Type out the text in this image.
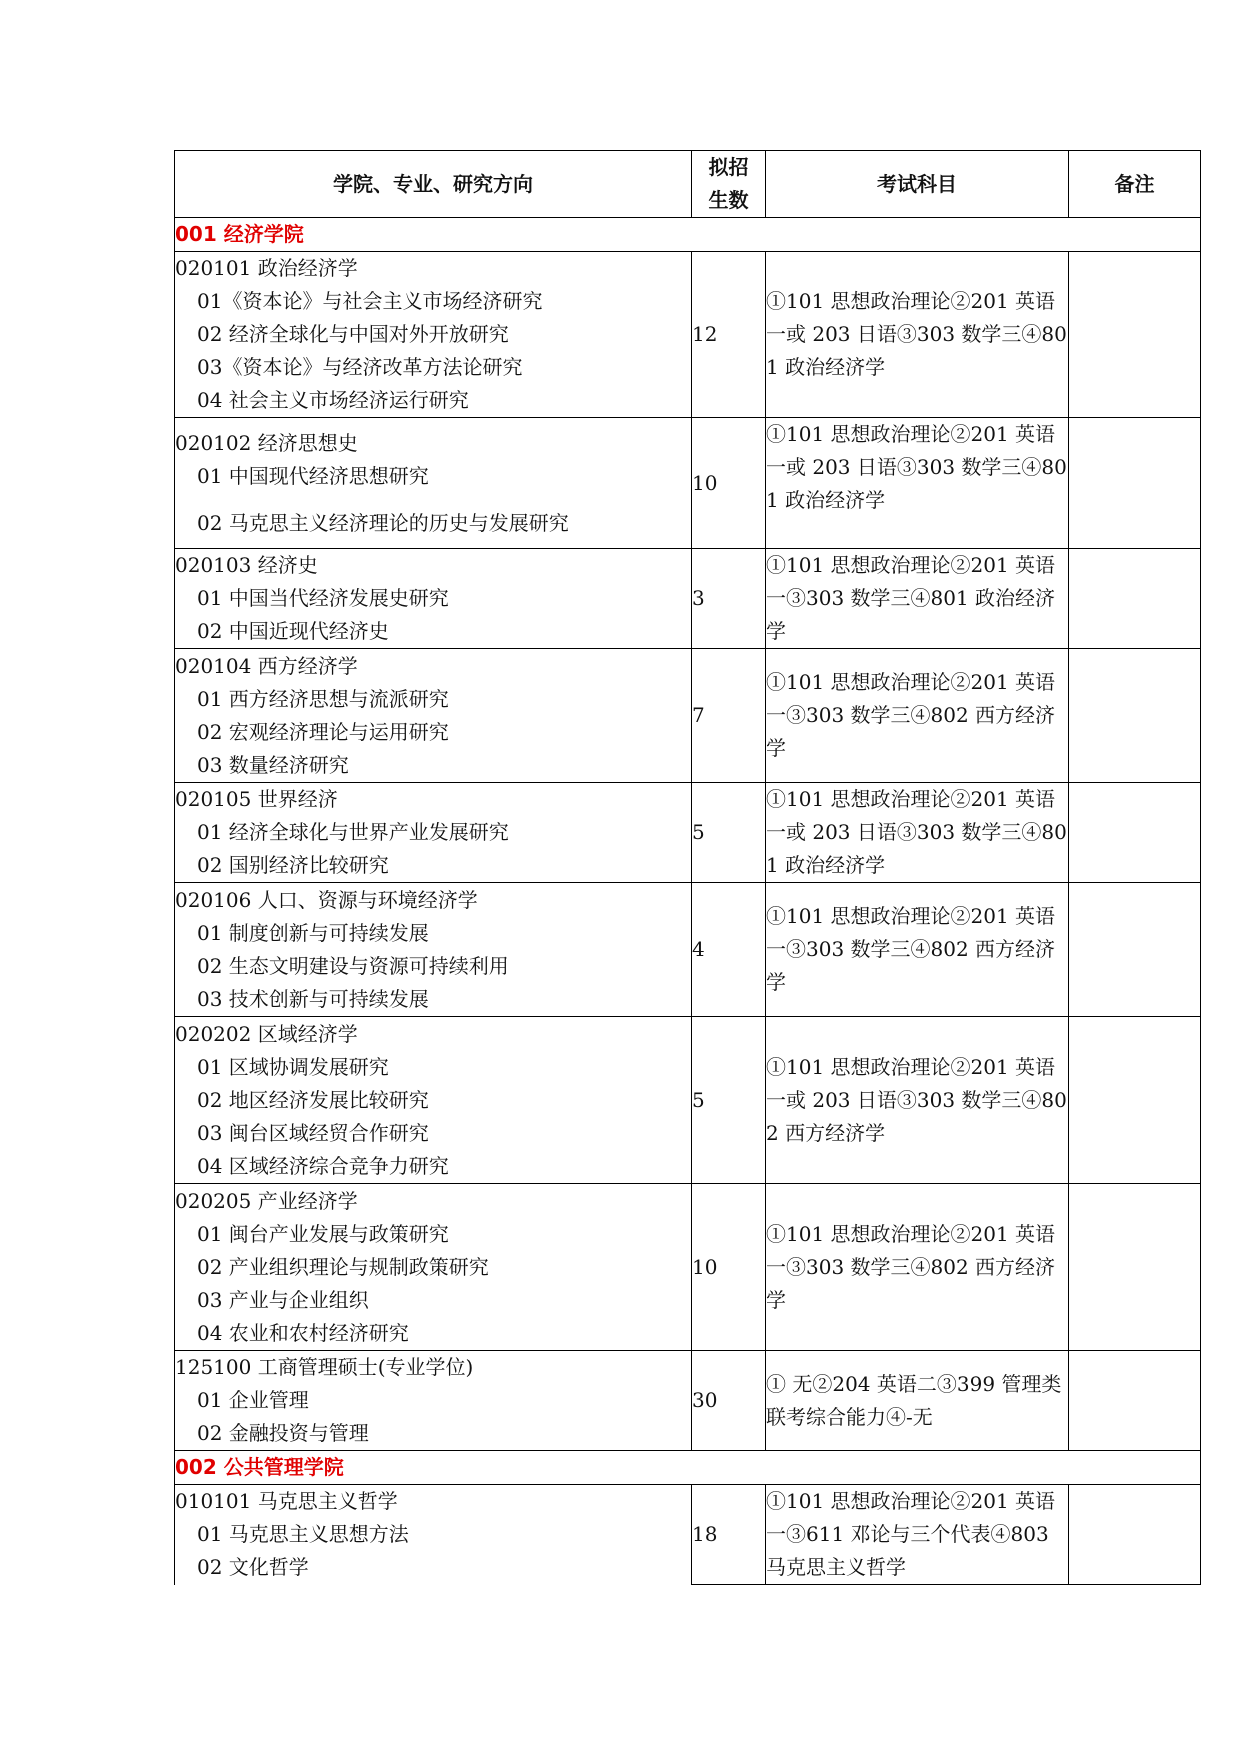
学院、专业、研究方向	拟招
生数	考试科目	备注
001 经济学院			

020101 政治经济学
01《资本论》与社会主义市场经济研究
02 经济全球化与中国对外开放研究
03《资本论》与经济改革方法论研究
04 社会主义市场经济运行研究	12	①101 思想政治理论②201 英语一或 203 日语③303 数学三④801 政治经济学	

020102 经济思想史
01 中国现代经济思想研究
02 马克思主义经济理论的历史与发展研究	10	①101 思想政治理论②201 英语一或 203 日语③303 数学三④801 政治经济学	

020103 经济史
01 中国当代经济发展史研究
02 中国近现代经济史	3	①101 思想政治理论②201 英语一③303 数学三④801 政治经济学	

020104 西方经济学
01 西方经济思想与流派研究
02 宏观经济理论与运用研究
03 数量经济研究	7	①101 思想政治理论②201 英语一③303 数学三④802 西方经济学	

020105 世界经济
01 经济全球化与世界产业发展研究
02 国别经济比较研究	5	①101 思想政治理论②201 英语一或 203 日语③303 数学三④801 政治经济学	

020106 人口、资源与环境经济学
01 制度创新与可持续发展
02 生态文明建设与资源可持续利用
03 技术创新与可持续发展	4	①101 思想政治理论②201 英语一③303 数学三④802 西方经济学	

020202 区域经济学
01 区域协调发展研究
02 地区经济发展比较研究
03 闽台区域经贸合作研究
04 区域经济综合竞争力研究	5	①101 思想政治理论②201 英语一或 203 日语③303 数学三④802 西方经济学	

020205 产业经济学
01 闽台产业发展与政策研究
02 产业组织理论与规制政策研究
03 产业与企业组织
04 农业和农村经济研究	10	①101 思想政治理论②201 英语一③303 数学三④802 西方经济学	

125100 工商管理硕士(专业学位)
01 企业管理
02 金融投资与管理	30	① 无②204 英语二③399 管理类联考综合能力④-无	
002 公共管理学院			

010101 马克思主义哲学
01 马克思主义思想方法
02 文化哲学	18	①101 思想政治理论②201 英语一③611 邓论与三个代表④803 马克思主义哲学	
